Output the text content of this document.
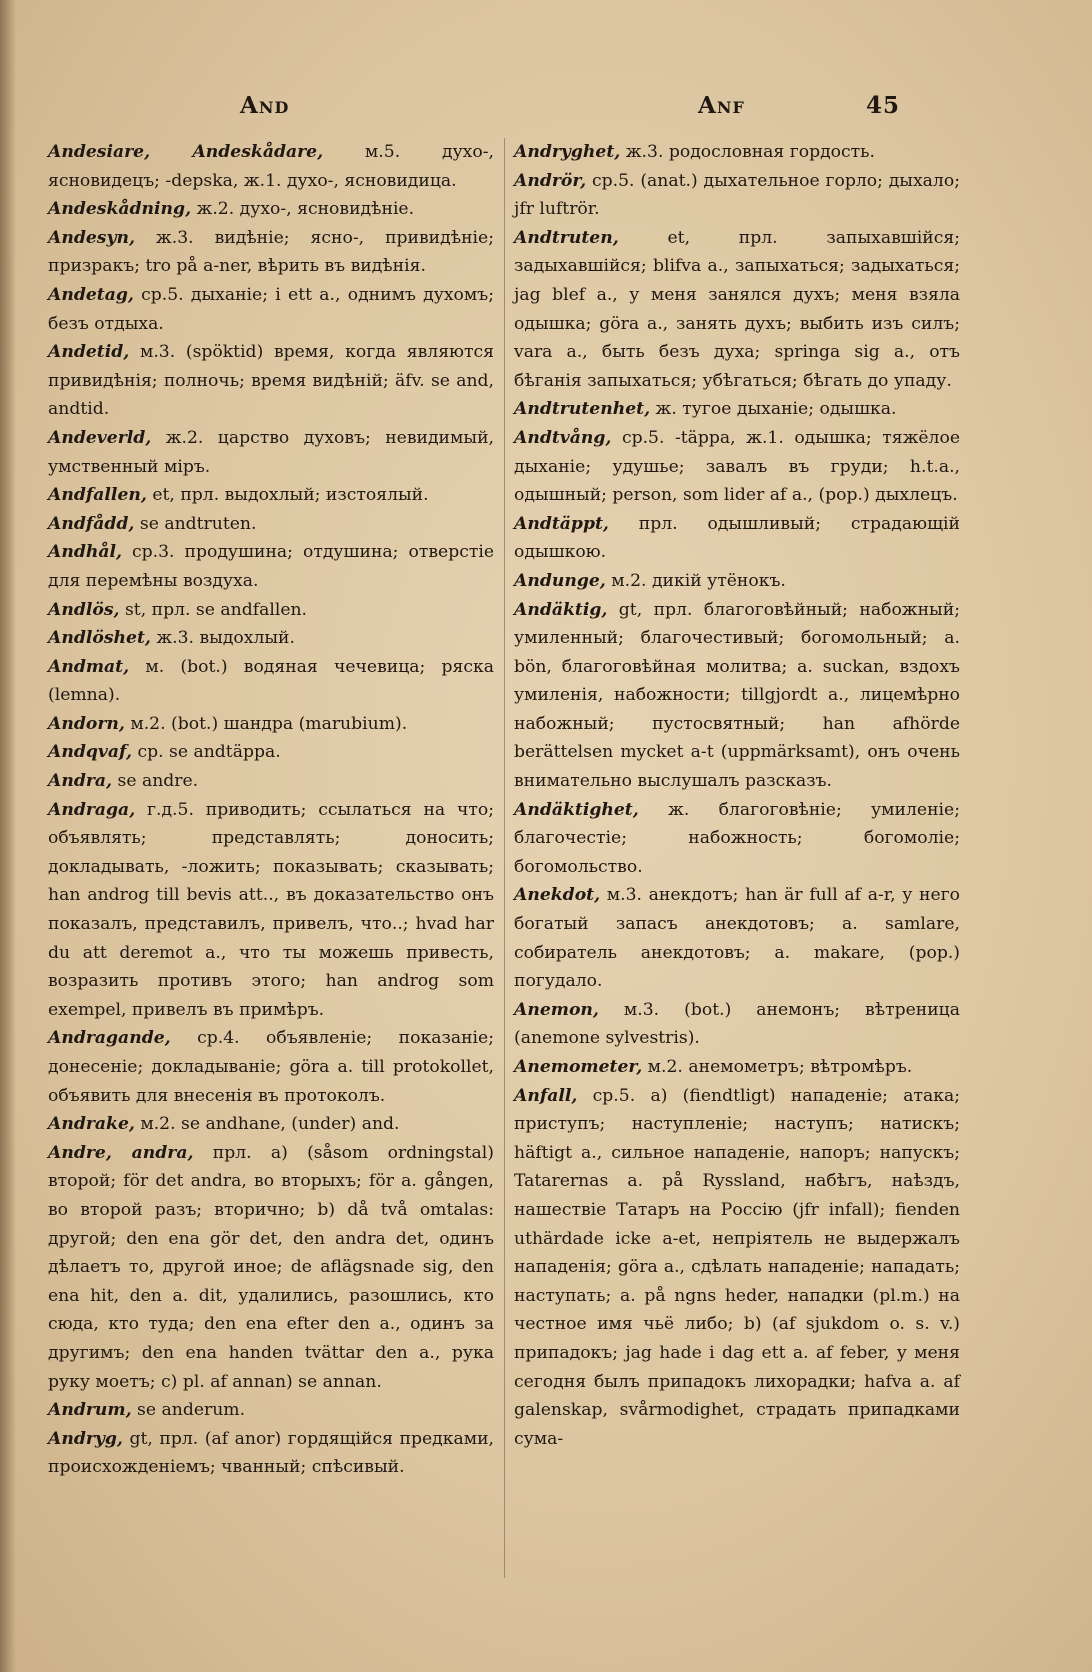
And	Anf	45

Andesiare, Andeskådare, м.5. духо-, ясновидецъ; -dерska, ж.1. духо-, ясновидица.

Andeskådning, ж.2. духо-, ясновидѣніе.

Andesyn, ж.3. видѣніе; ясно-, привидѣніе; призракъ; tro på a-ner, вѣрить въ видѣнія.

Andetag, ср.5. дыханіе; i ett a., однимъ духомъ; безъ отдыха.

Andetid, м.3. (spöktid) время, когда являются привидѣнія; полночь; время видѣній; äfv. se and, andtid.

Andeverld, ж.2. царство духовъ; невидимый, умственный міръ.

Andfallen, et, прл. выдохлый; изстоялый.

Andfådd, se andtruten.

Andhål, ср.3. продушина; отдушина; отверстіе для перемѣны воздуха.

Andlös, st, прл. se andfallen.

Andlöshet, ж.3. выдохлый.

Andmat, м. (bot.) водяная чечевица; ряска (lemna).

Andorn, м.2. (bot.) шандра (marubium).

Andqvaf, ср. se andtäppa.

Andra, se andre.

Andraga, г.д.5. приводить; ссылаться на что; объявлять; представлять; доносить; докладывать, -ложить; показывать; сказывать; han androg till bevis att.., въ доказательство онъ показалъ, представилъ, привелъ, что..; hvad har du att deremot a., что ты можешь привесть, возразить противъ этого; han androg som exempel, привелъ въ примѣръ.

Andragande, ср.4. объявленіе; показаніе; донесеніе; докладываніе; göra a. till protokollet, объявить для внесенія въ протоколъ.

Andrake, м.2. se andhane, (under) and.

Andre, andra, прл. a) (såsom ordningstal) второй; för det andra, во вторыхъ; för a. gången, во второй разъ; вторично; b) då två omtalas: другой; den ena gör det, den andra det, одинъ дѣлаетъ то, другой иное; de aflägsnade sig, den ena hit, den a. dit, удалились, разошлись, кто сюда, кто туда; den ena efter den a., одинъ за другимъ; den ena handen tvättar den a., рука руку моетъ; c) pl. af annan) se annan.

Andrum, se anderum.

Andryg, gt, прл. (af anor) гордящійся предками, происхожденіемъ; чванный; спѣсивый.

Andryghet, ж.3. родословная гордость.

Andrör, ср.5. (anat.) дыхательное горло; дыхало; jfr luftrör.

Andtruten, et, прл. запыхавшійся; задыхавшійся; blifva a., запыхаться; задыхаться; jag blef a., у меня занялся духъ; меня взяла одышка; göra a., занять духъ; выбить изъ силъ; vara a., быть безъ духа; springa sig a., отъ бѣганія запыхаться; убѣгаться; бѣгать до упаду.

Andtrutenhet, ж. тугое дыханіе; одышка.

Andtvång, ср.5. -täppa, ж.1. одышка; тяжёлое дыханіе; удушье; завалъ въ груди; h.t.a., одышный; person, som lider af a., (pop.) дыхлецъ.

Andtäppt, прл. одышливый; страдающій одышкою.

Andunge, м.2. дикій утёнокъ.

Andäktig, gt, прл. благоговѣйный; набожный; умиленный; благочестивый; богомольный; a. bön, благоговѣйная молитва; a. suckan, вздохъ умиленія, набожности; tillgjordt a., лицемѣрно набожный; пустосвятный; han afhörde berättelsen mycket a-t (uppmärksamt), онъ очень внимательно выслушалъ разсказъ.

Andäktighet, ж. благоговѣніе; умиленіе; благочестіе; набожность; богомоліе; богомольство.

Anekdot, м.3. анекдотъ; han är full af a-r, у него богатый запасъ анекдотовъ; a. samlare, собиратель анекдотовъ; a. makare, (pop.) погудало.

Anemon, м.3. (bot.) анемонъ; вѣтреница (anemone sylvestris).

Anemometer, м.2. анемометръ; вѣтромѣръ.

Anfall, ср.5. a) (fiendtligt) нападеніе; атака; приступъ; наступленіе; наступъ; натискъ; häftigt a., сильное нападеніе, напоръ; напускъ; Tatarernas a. på Ryssland, набѣгъ, наѣздъ, нашествіе Татаръ на Россію (jfr infall); fienden uthärdade icke a-et, непріятель не выдержалъ нападенія; göra a., сдѣлать нападеніе; нападать; наступать; a. på ngns heder, нападки (pl.m.) на честное имя чьё либо; b) (af sjukdom o. s. v.) припадокъ; jag hade i dag ett a. af feber, у меня сегодня былъ припадокъ лихорадки; hafva a. af galenskap, svårmodighet, страдать припадками сума-
